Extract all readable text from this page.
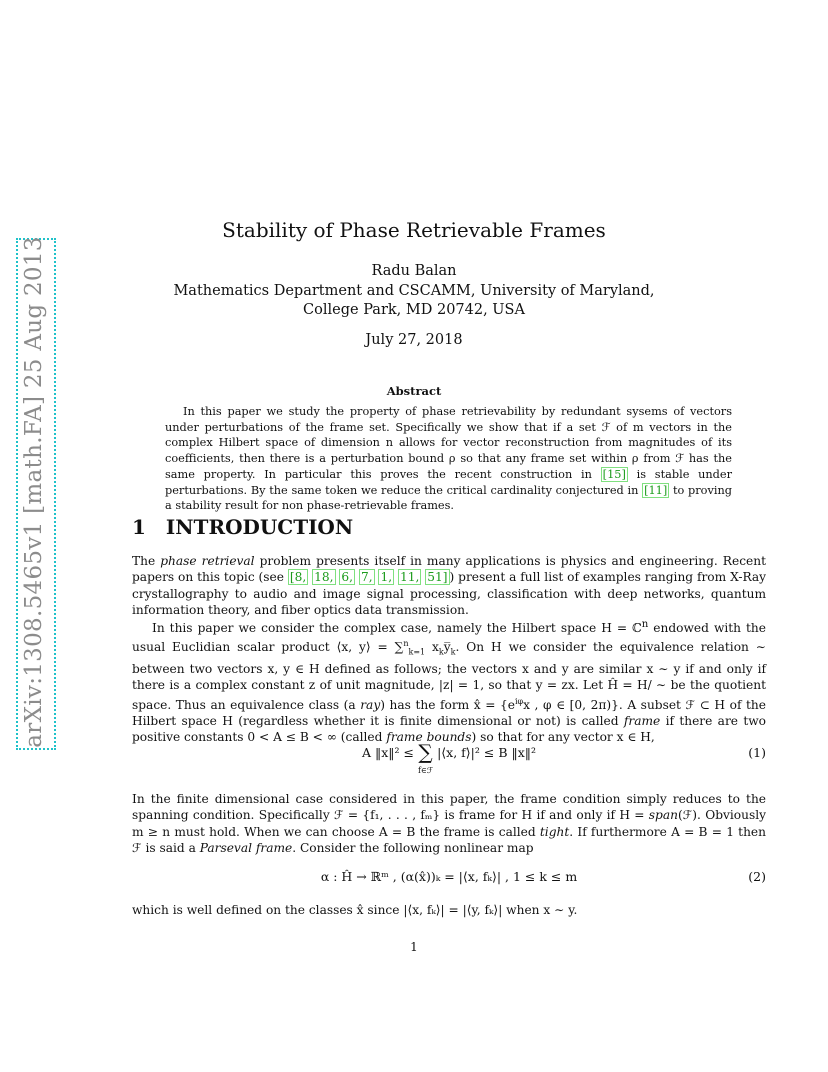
arXiv:1308.5465v1 [math.FA] 25 Aug 2013
Stability of Phase Retrievable Frames
Radu Balan
Mathematics Department and CSCAMM, University of Maryland,
College Park, MD 20742, USA
July 27, 2018
Abstract
In this paper we study the property of phase retrievability by redundant sysems of vectors under perturbations of the frame set. Specifically we show that if a set ℱ of m vectors in the complex Hilbert space of dimension n allows for vector reconstruction from magnitudes of its coefficients, then there is a perturbation bound ρ so that any frame set within ρ from ℱ has the same property. In particular this proves the recent construction in [15] is stable under perturbations. By the same token we reduce the critical cardinality conjectured in [11] to proving a stability result for non phase-retrievable frames.
1 INTRODUCTION
The phase retrieval problem presents itself in many applications is physics and engineering. Recent papers on this topic (see [8, 18, 6, 7, 1, 11, 51] ) present a full list of examples ranging from X-Ray crystallography to audio and image signal processing, classification with deep networks, quantum information theory, and fiber optics data transmission.
In this paper we consider the complex case, namely the Hilbert space H = ℂ$^n$ endowed with the usual Euclidian scalar product ⟨x, y⟩ = ∑$^n_{k=1}$ $x_ky̅_k$. On H we consider the equivalence relation ∼ between two vectors x, y ∈ H defined as follows; the vectors x and y are similar x ∼ y if and only if there is a complex constant z of unit magnitude, |z| = 1, so that y = zx. Let Ĥ = H/ ∼ be the quotient space. Thus an equivalence class (a ray) has the form x̂ = {$e^{i\varphi}x$ , φ ∈ [0, 2π)}. A subset ℱ ⊂ H of the Hilbert space H (regardless whether it is finite dimensional or not) is called frame if there are two positive constants 0 < A ≤ B < ∞ (called frame bounds) so that for any vector x ∈ H,
A ‖x‖² ≤ ∑
f∈ℱ |⟨x, f⟩|² ≤ B ‖x‖²	(1)
In the finite dimensional case considered in this paper, the frame condition simply reduces to the spanning condition. Specifically ℱ = {f₁, . . . , fₘ} is frame for H if and only if H = span(ℱ). Obviously m ≥ n must hold. When we can choose A = B the frame is called tight. If furthermore A = B = 1 then ℱ is said a Parseval frame. Consider the following nonlinear map
α : Ĥ → ℝᵐ , (α(x̂))ₖ = |⟨x, fₖ⟩| , 1 ≤ k ≤ m	(2)
which is well defined on the classes x̂ since |⟨x, fₖ⟩| = |⟨y, fₖ⟩| when x ∼ y.
1
